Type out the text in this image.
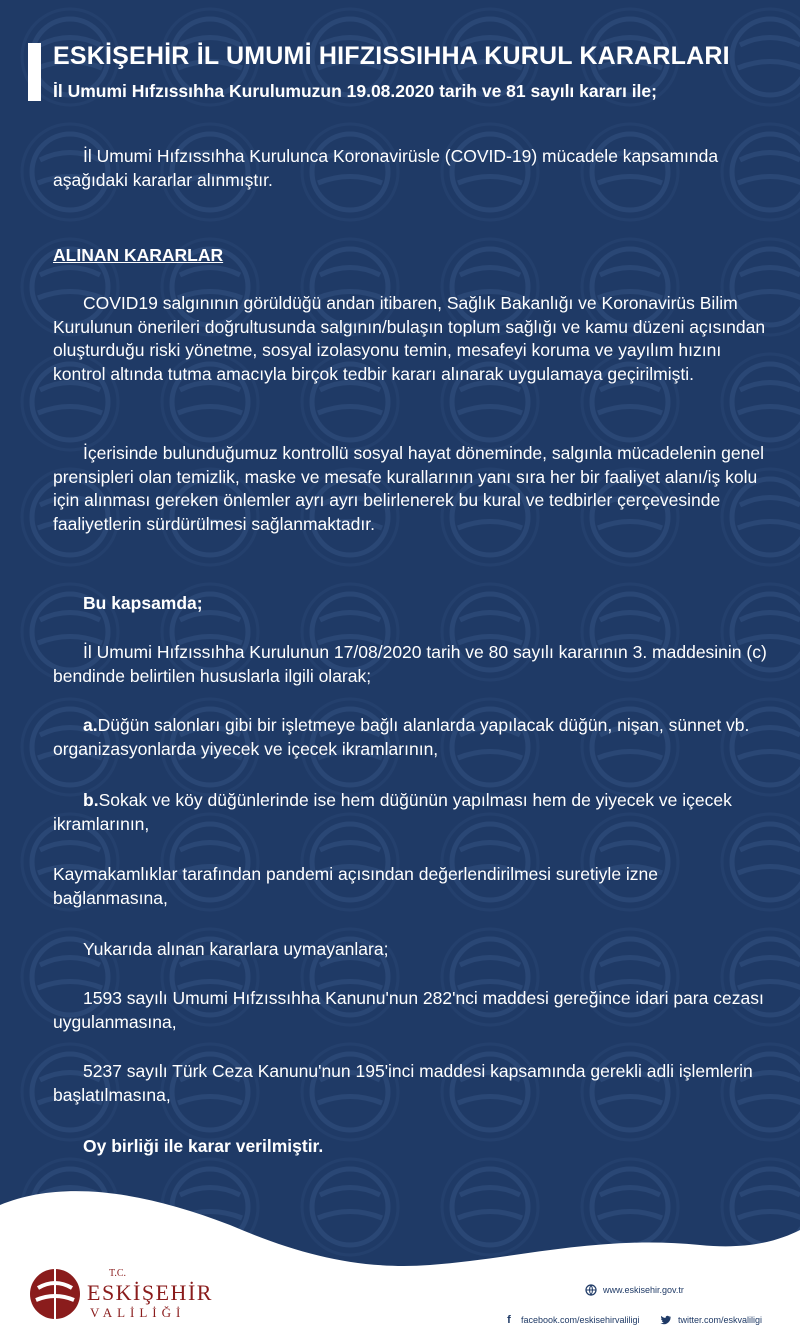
ESKİŞEHİR İL UMUMİ HIFZISSIHHA KURUL KARARLARI
İl Umumi Hıfzıssıhha Kurulumuzun 19.08.2020 tarih ve 81 sayılı kararı ile;

İl Umumi Hıfzıssıhha Kurulunca Koronavirüsle (COVID-19) mücadele kapsamında aşağıdaki kararlar alınmıştır.

ALINAN KARARLAR

COVID19 salgınının görüldüğü andan itibaren, Sağlık Bakanlığı ve Koronavirüs Bilim Kurulunun önerileri doğrultusunda salgının/bulaşın toplum sağlığı ve kamu düzeni açısından oluşturduğu riski yönetme, sosyal izolasyonu temin, mesafeyi koruma ve yayılım hızını kontrol altında tutma amacıyla birçok tedbir kararı alınarak uygulamaya geçirilmişti.

İçerisinde bulunduğumuz kontrollü sosyal hayat döneminde, salgınla mücadelenin genel prensipleri olan temizlik, maske ve mesafe kurallarının yanı sıra her bir faaliyet alanı/iş kolu için alınması gereken önlemler ayrı ayrı belirlenerek bu kural ve tedbirler çerçevesinde faaliyetlerin sürdürülmesi sağlanmaktadır.

Bu kapsamda;

İl Umumi Hıfzıssıhha Kurulunun 17/08/2020 tarih ve 80 sayılı kararının 3. maddesinin (c) bendinde belirtilen hususlarla ilgili olarak;

a.Düğün salonları gibi bir işletmeye bağlı alanlarda yapılacak düğün, nişan, sünnet vb. organizasyonlarda yiyecek ve içecek ikramlarının,

b.Sokak ve köy düğünlerinde ise hem düğünün yapılması hem de yiyecek ve içecek ikramlarının,

Kaymakamlıklar tarafından pandemi açısından değerlendirilmesi suretiyle izne bağlanmasına,

Yukarıda alınan kararlara uymayanlara;

1593 sayılı Umumi Hıfzıssıhha Kanunu'nun 282'nci maddesi gereğince idari para cezası uygulanmasına,

5237 sayılı Türk Ceza Kanunu'nun 195'inci maddesi kapsamında gerekli adli işlemlerin başlatılmasına,

Oy birliği ile karar verilmiştir.

T.C.
ESKİŞEHİR
VALİLİĞİ
www.eskisehir.gov.tr
f	facebook.com/eskisehirvaliligi	twitter.com/eskvaliligi
